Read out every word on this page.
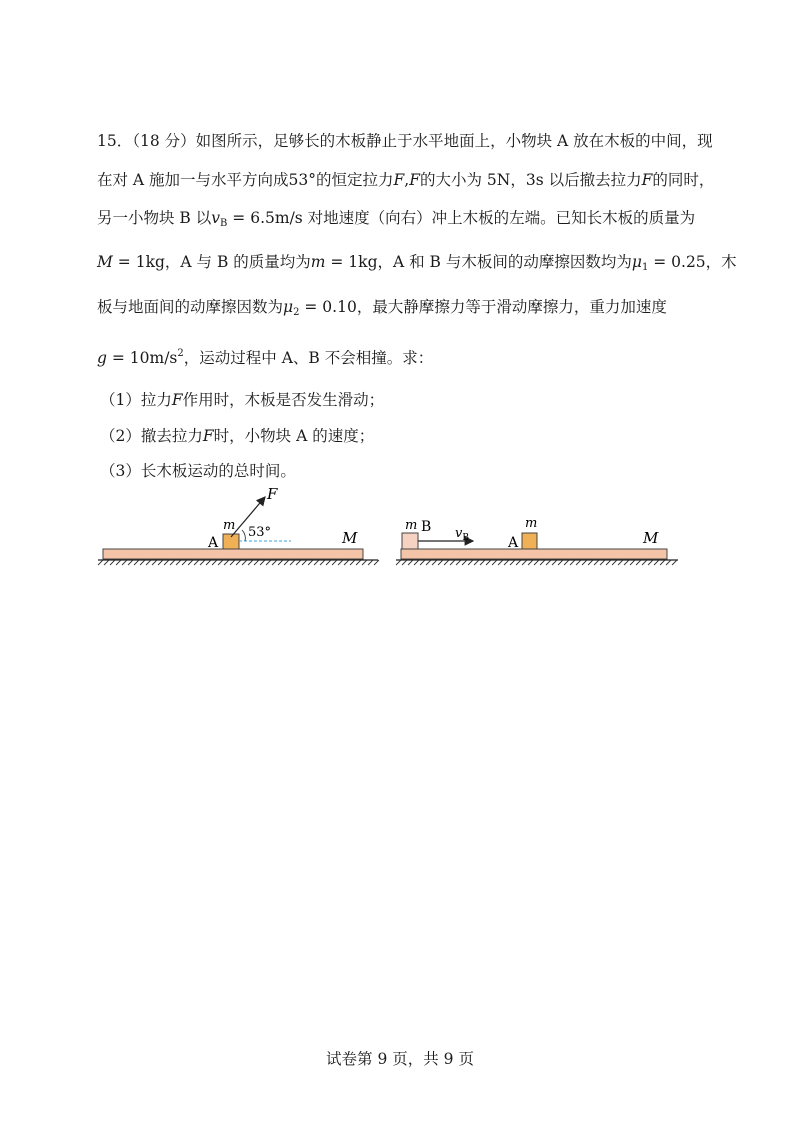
15．（18 分）如图所示，足够长的木板静止于水平地面上，小物块 A 放在木板的中间，现
在对 A 施加一与水平方向成53°的恒定拉力F,F的大小为 5N，3s 以后撤去拉力F的同时，
另一小物块 B 以$v_B = 6.5m/s$ 对地速度（向右）冲上木板的左端。已知长木板的质量为
M = 1kg，A 与 B 的质量均为m = 1kg，A 和 B 与木板间的动摩擦因数均为$\mu_1 = 0.25$，木
板与地面间的动摩擦因数为$\mu_2 = 0.10$，最大静摩擦力等于滑动摩擦力，重力加速度
$g = 10m/s^2$，运动过程中 A、B 不会相撞。求：
（1）拉力F作用时，木板是否发生滑动；
（2）撤去拉力F时，小物块 A 的速度；
（3）长木板运动的总时间。
F
m
A
53°	M
m B $v_B$
m
A	M
试卷第 9 页，共 9 页
